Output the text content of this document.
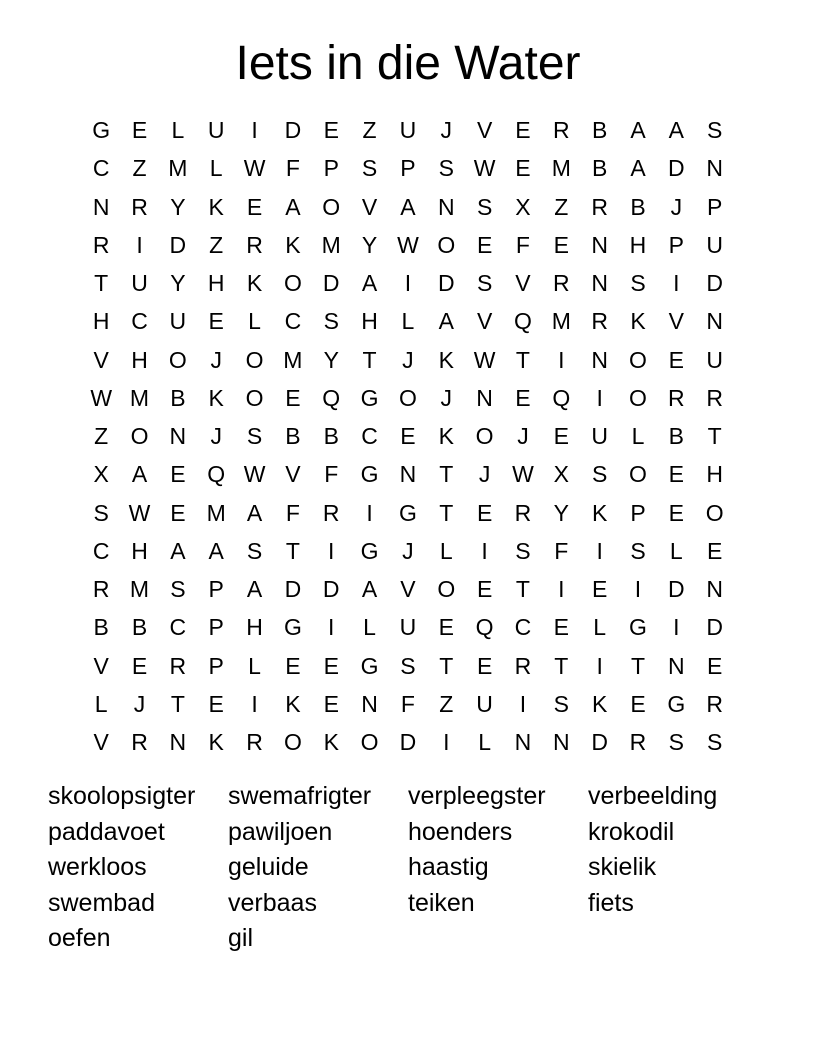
Iets in die Water
G E	L	U	I	D E	Z	U	J	V	E R B	A	A	S
C	Z M L W F	P	S	P	S W E M B	A D N
N R Y	K	E	A O V	A N S	X	Z	R B	J	P
R	I	D	Z	R K M Y W O E	F	E N H P U
T	U Y H K O D A	I	D S	V R N S	I	D
H C U E	L	C S H	L	A	V Q M R K	V N
V H O	J	O M Y	T	J	K W T	I	N O E U
W M B	K O E Q G O	J	N E Q	I	O R R
Z O N	J	S	B	B C E	K O	J	E U	L	B	T
X	A	E Q W V	F G N	T	J W X	S O E H
S W E M A	F	R	I	G T	E R Y	K	P	E O
C H A	A	S	T	I	G	J	L	I	S	F	I	S	L	E
R M S	P	A D D A	V O E	T	I	E	I	D N
B	B C P H G	I	L	U E Q C E	L	G	I	D
V	E R P	L	E	E G S	T	E R	T	I	T	N E
L	J	T	E	I	K	E N	F	Z	U	I	S	K	E G R
V R N K R O K O D	I	L	N N D R S	S
skoolopsigter	swemafrigter	verpleegster	verbeelding
paddavoet	pawiljoen	hoenders	krokodil
werkloos	geluide	haastig	skielik
swembad	verbaas	teiken	fiets
oefen	gil
